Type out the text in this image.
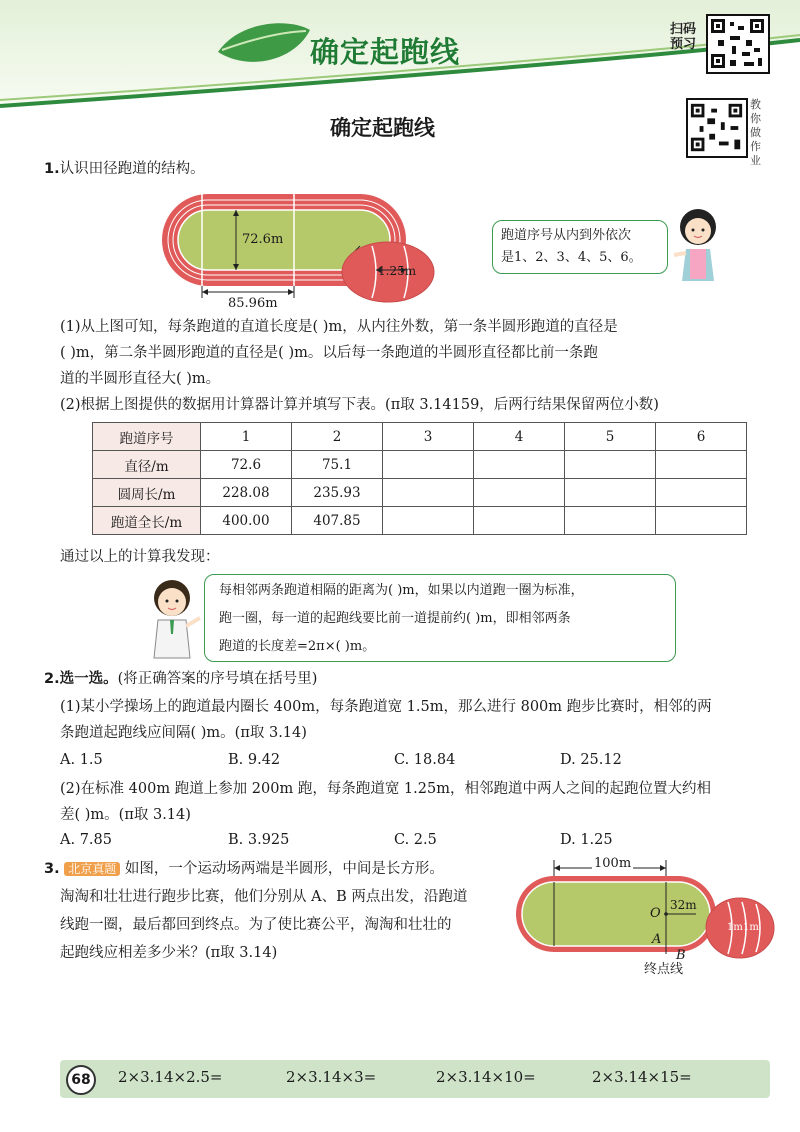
确定起跑线
扫码预习
确定起跑线
教你做作业
1.认识田径跑道的结构。
72.6m
85.96m
1.25m
跑道序号从内到外依次
是1、2、3、4、5、6。
(1)从上图可知，每条跑道的直道长度是( )m，从内往外数，第一条半圆形跑道的直径是
( )m，第二条半圆形跑道的直径是( )m。以后每一条跑道的半圆形直径都比前一条跑
道的半圆形直径大( )m。
(2)根据上图提供的数据用计算器计算并填写下表。(π取 3.14159，后两行结果保留两位小数)
跑道序号	1	2	3	4	5	6
直径/m	72.6	75.1				
圆周长/m	228.08	235.93				
跑道全长/m	400.00	407.85				
通过以上的计算我发现：
每相邻两条跑道相隔的距离为( )m，如果以内道跑一圈为标准，
跑一圈，每一道的起跑线要比前一道提前约( )m，即相邻两条
跑道的长度差=2π×( )m。
2.选一选。(将正确答案的序号填在括号里)
(1)某小学操场上的跑道最内圈长 400m，每条跑道宽 1.5m，那么进行 800m 跑步比赛时，相邻的两
条跑道起跑线应间隔( )m。(π取 3.14)
A. 1.5	B. 9.42	C. 18.84	D. 25.12
(2)在标准 400m 跑道上参加 200m 跑，每条跑道宽 1.25m，相邻跑道中两人之间的起跑位置大约相
差( )m。(π取 3.14)
A. 7.85	B. 3.925	C. 2.5	D. 1.25
3. 北京真题 如图，一个运动场两端是半圆形，中间是长方形。
淘淘和壮壮进行跑步比赛，他们分别从 A、B 两点出发，沿跑道
线跑一圈，最后都回到终点。为了使比赛公平，淘淘和壮壮的
起跑线应相差多少米？(π取 3.14)
100m
32m
O
A
B
终点线
1m 1m
68	2×3.14×2.5=	2×3.14×3=	2×3.14×10=	2×3.14×15=
